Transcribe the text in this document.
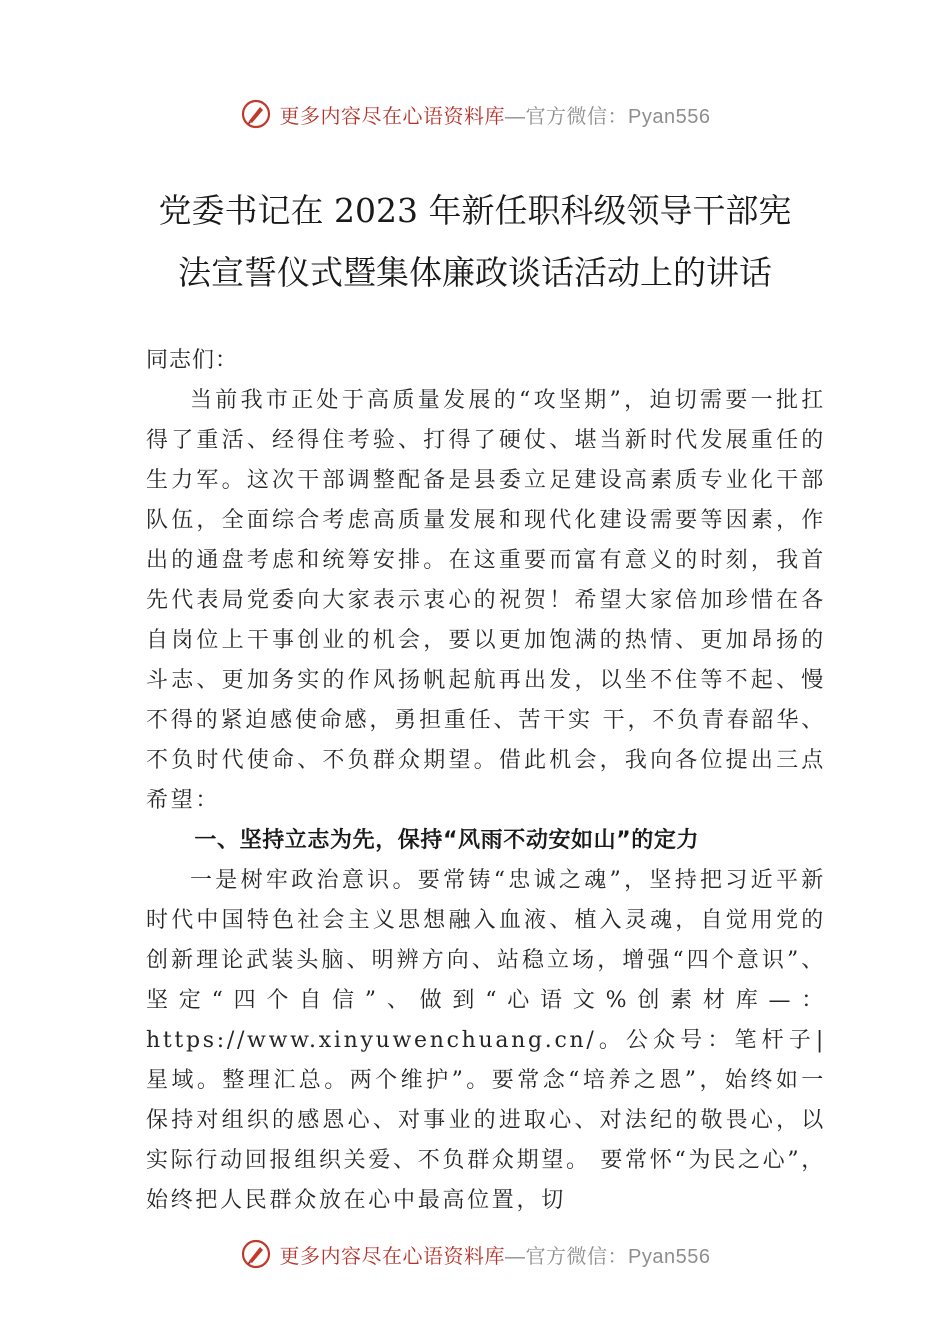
更多内容尽在心语资料库—官方微信：Pyan556
党委书记在 2023 年新任职科级领导干部宪
法宣誓仪式暨集体廉政谈话活动上的讲话

同志们：

当前我市正处于高质量发展的“攻坚期”，迫切需要一批扛得了重活、经得住考验、打得了硬仗、堪当新时代发展重任的生力军。这次干部调整配备是县委立足建设高素质专业化干部队伍，全面综合考虑高质量发展和现代化建设需要等因素，作出的通盘考虑和统筹安排。在这重要而富有意义的时刻，我首先代表局党委向大家表示衷心的祝贺！希望大家倍加珍惜在各自岗位上干事创业的机会，要以更加饱满的热情、更加昂扬的斗志、更加务实的作风扬帆起航再出发，以坐不住等不起、慢不得的紧迫感使命感，勇担重任、苦干实 干，不负青春韶华、不负时代使命、不负群众期望。借此机会，我向各位提出三点希望：

一、坚持立志为先，保持“风雨不动安如山”的定力

一是树牢政治意识。要常铸“忠诚之魂”，坚持把习近平新时代中国特色社会主义思想融入血液、植入灵魂，自觉用党的创新理论武装头脑、明辨方向、站稳立场，增强“四个意识”、坚定“四个自信”、做到“心语文%创素材库—：https://www.xinyuwenchuang.cn/。公众号：笔杆子|星域。整理汇总。两个维护”。要常念“培养之恩”，始终如一保持对组织的感恩心、对事业的进取心、对法纪的敬畏心，以实际行动回报组织关爱、不负群众期望。 要常怀“为民之心”，始终把人民群众放在心中最高位置，切

更多内容尽在心语资料库—官方微信：Pyan556
